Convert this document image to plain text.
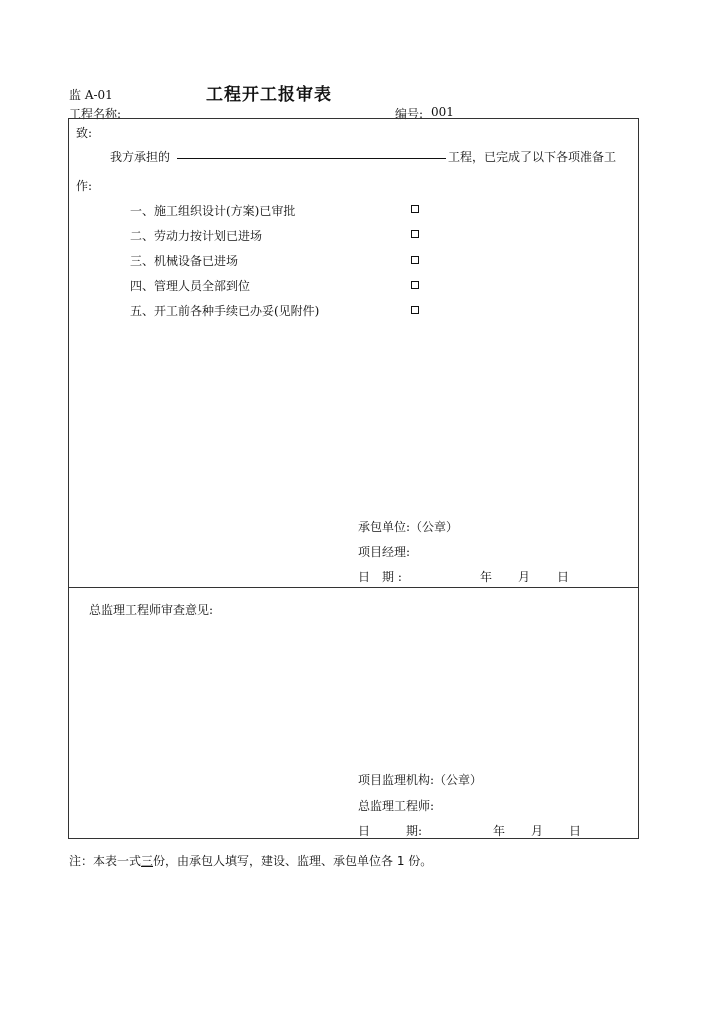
监 A-01	工程开工报审表
工程名称:	编号: 001
致:
我方承担的	工程，已完成了以下各项准备工
作:
一、施工组织设计(方案)已审批
二、劳动力按计划已进场
三、机械设备已进场
四、管理人员全部到位
五、开工前各种手续已办妥(见附件)
承包单位:（公章）
项目经理:
日　期 :	年 月 日
总监理工程师审查意见:
项目监理机构:（公章）
总监理工程师:
日　　　期:	年 月 日
注：本表一式三份，由承包人填写，建设、监理、承包单位各 1 份。
